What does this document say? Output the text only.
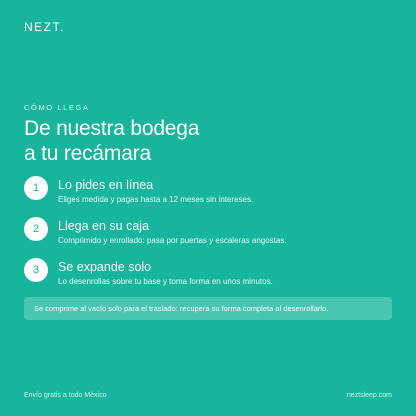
NEZT.
CÓMO LLEGA
De nuestra bodega
a tu recámara
1	Lo pides en línea
Eliges medida y pagas hasta a 12 meses sin intereses.
2	Llega en su caja
Comprimido y enrollado: pasa por puertas y escaleras angostas.
3	Se expande solo
Lo desenrollas sobre tu base y toma forma en unos minutos.
Se comprime al vacío solo para el traslado: recupera su forma completa al desenrollarlo.
Envío gratis a todo México	neztsleep.com
